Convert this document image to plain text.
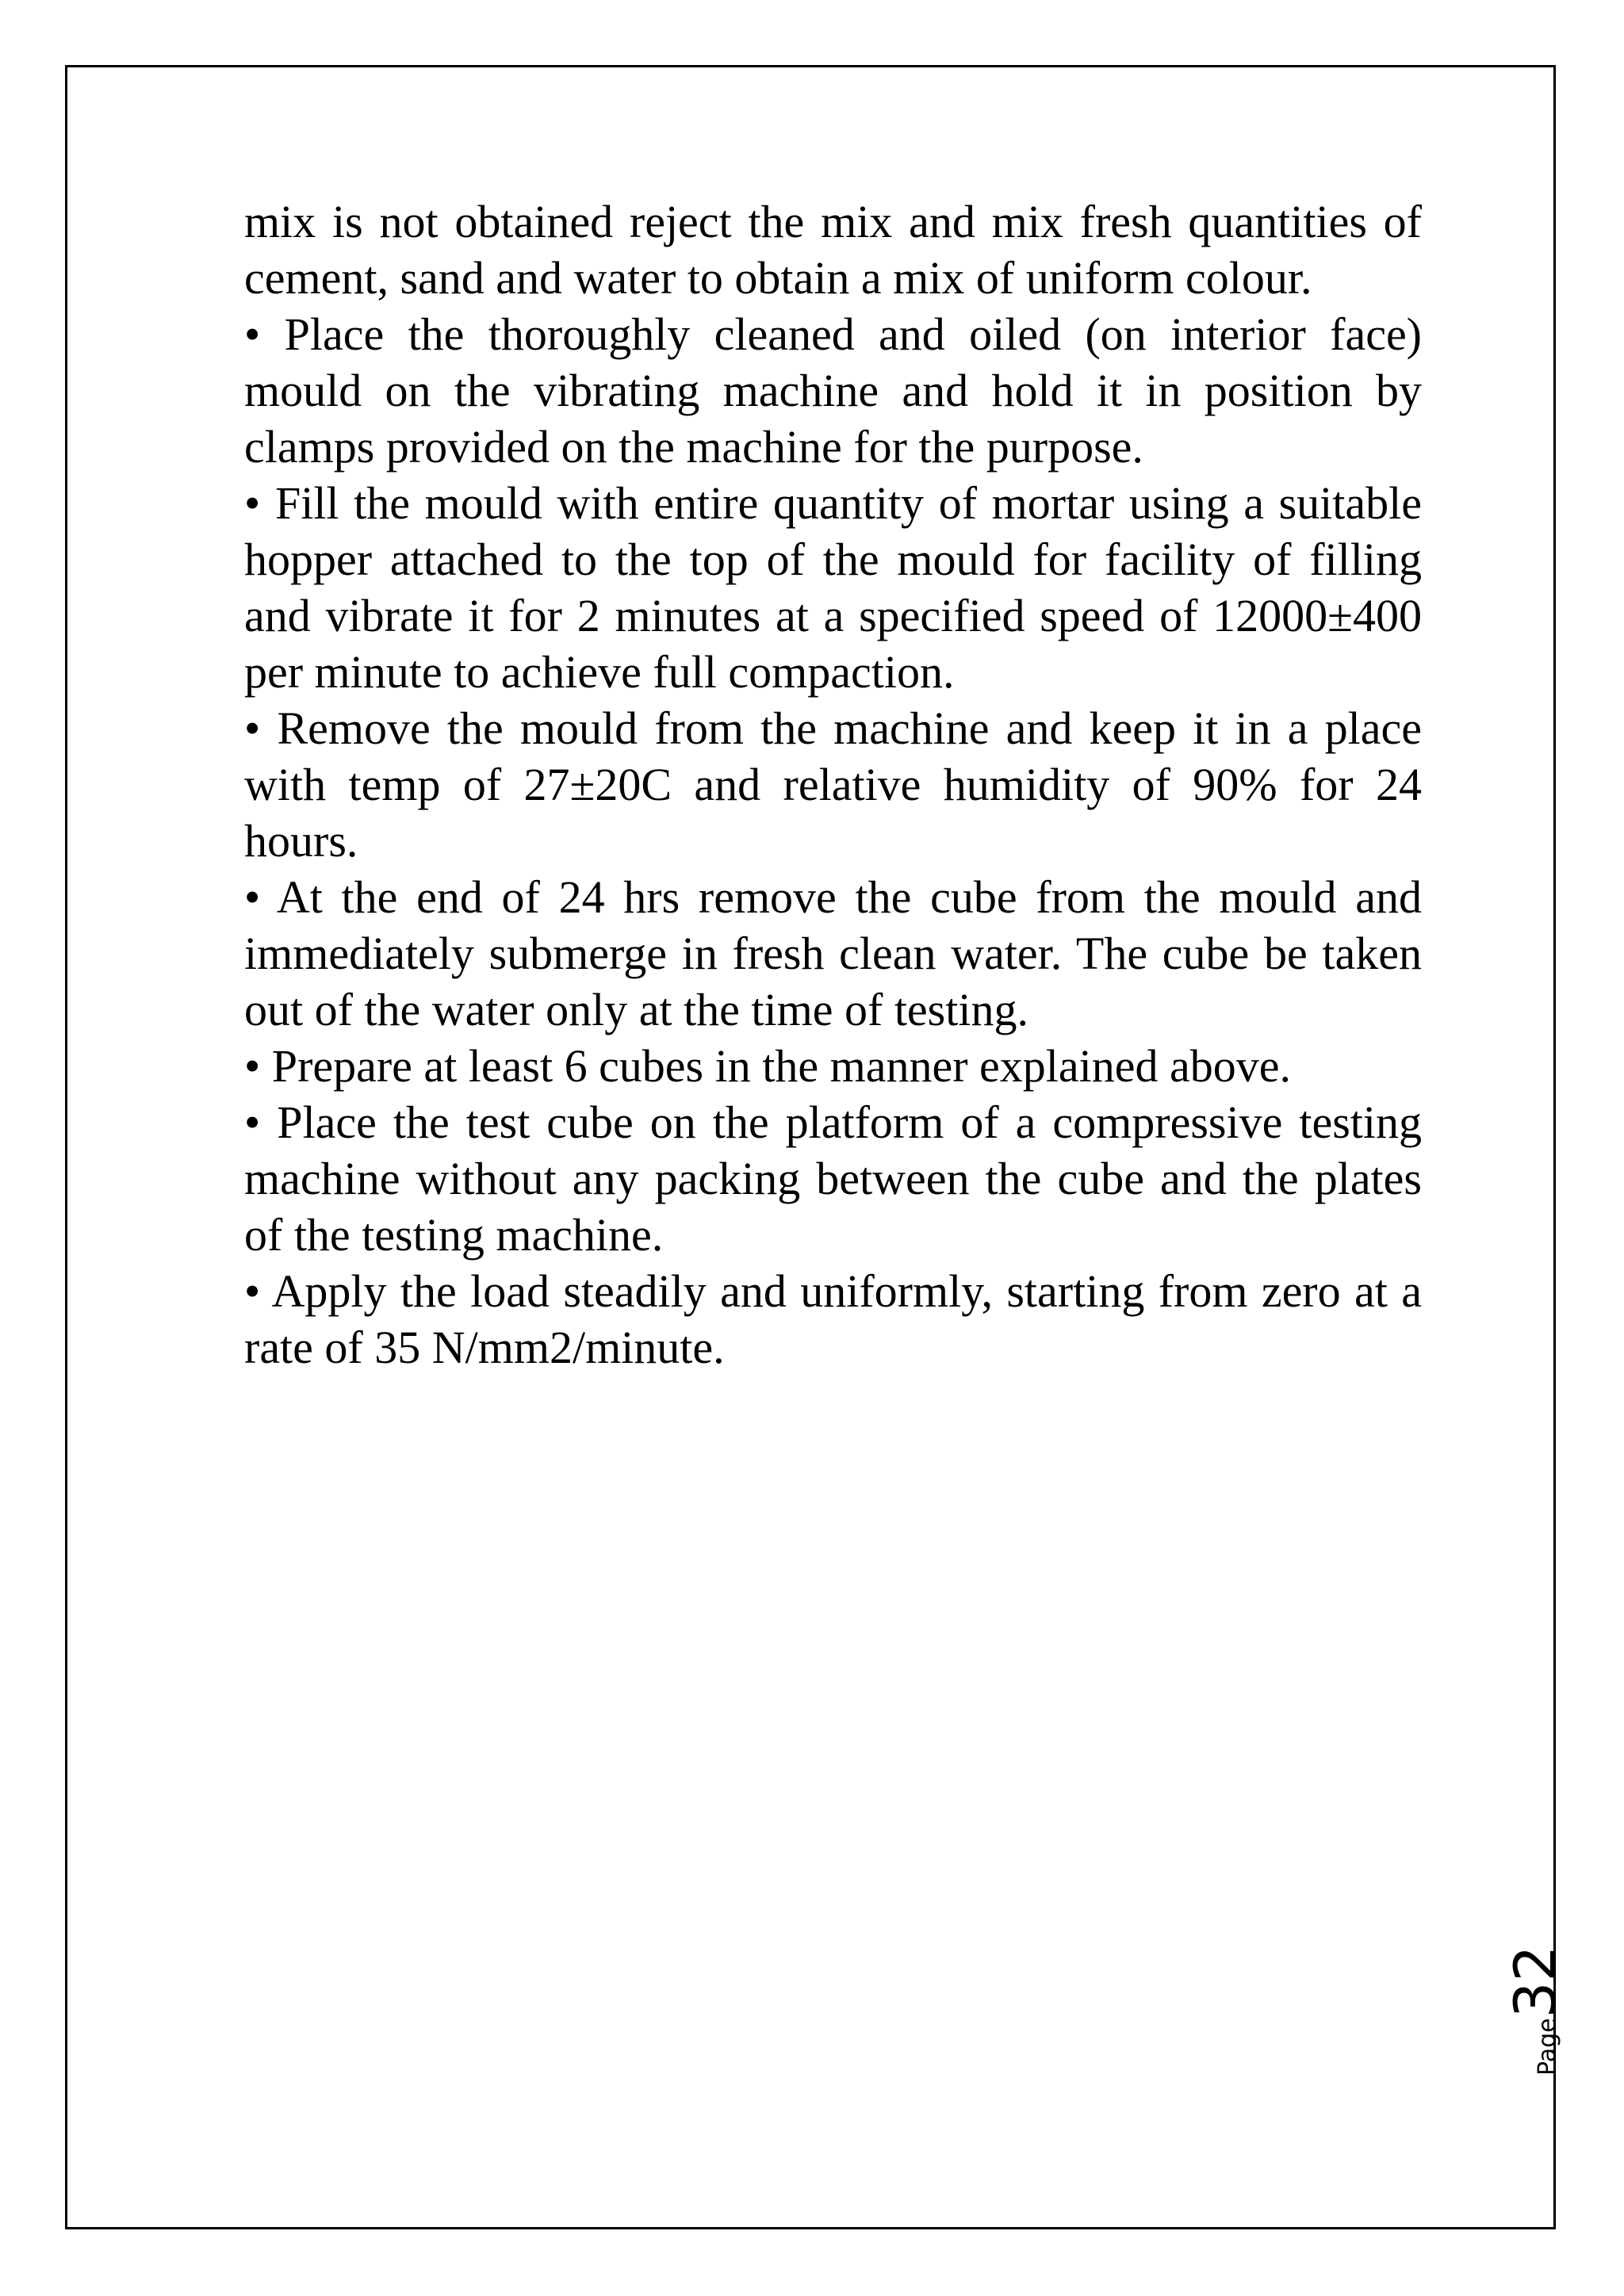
mix is not obtained reject the mix and mix fresh quantities of cement, sand and water to obtain a mix of uniform colour.

• Place the thoroughly cleaned and oiled (on interior face) mould on the vibrating machine and hold it in position by clamps provided on the machine for the purpose.

• Fill the mould with entire quantity of mortar using a suitable hopper attached to the top of the mould for facility of filling and vibrate it for 2 minutes at a specified speed of 12000±400 per minute to achieve full compaction.

• Remove the mould from the machine and keep it in a place with temp of 27±20C and relative humidity of 90% for 24 hours.

• At the end of 24 hrs remove the cube from the mould and immediately submerge in fresh clean water. The cube be taken out of the water only at the time of testing.

• Prepare at least 6 cubes in the manner explained above.

• Place the test cube on the platform of a compressive testing machine without any packing between the cube and the plates of the testing machine.

• Apply the load steadily and uniformly, starting from zero at a rate of 35 N/mm2/minute.

Page
32
